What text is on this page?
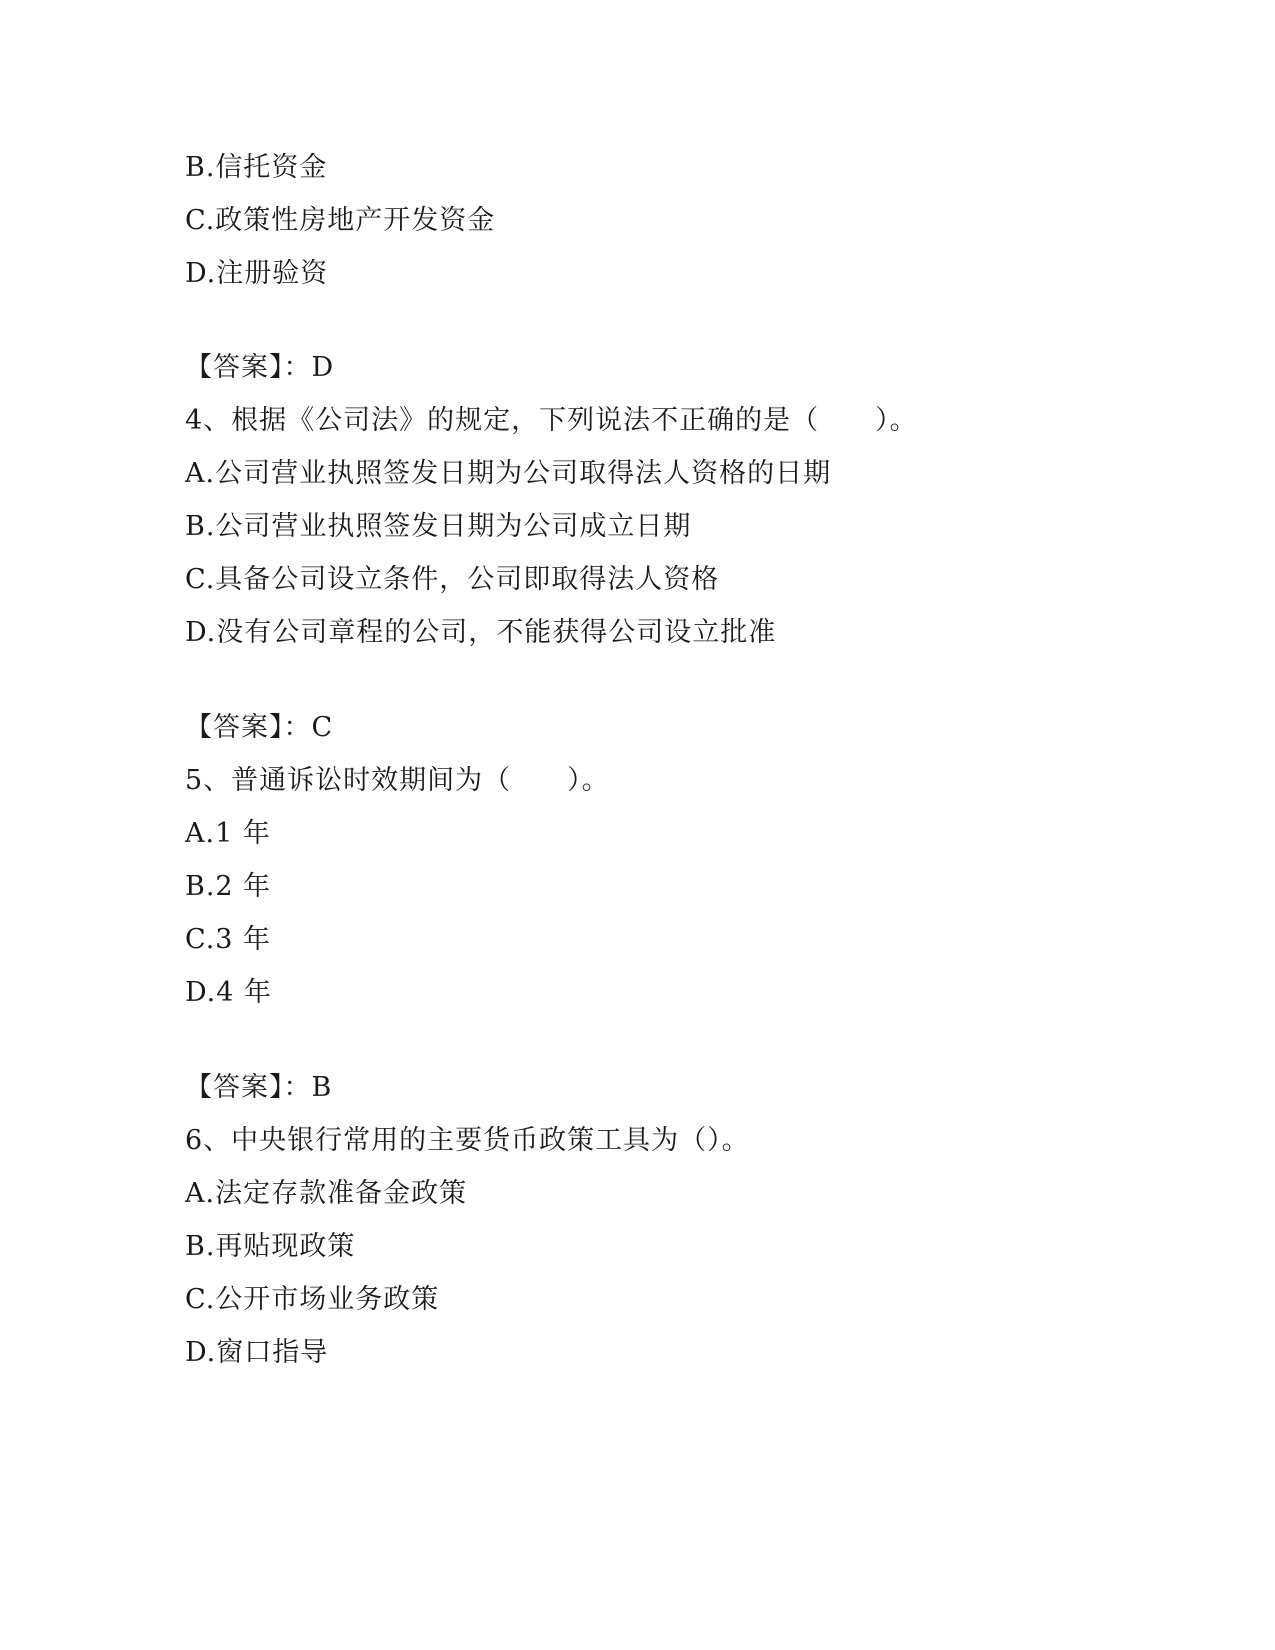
B.信托资金
C.政策性房地产开发资金
D.注册验资
【答案】：D
4、根据《公司法》的规定，下列说法不正确的是（　　）。
A.公司营业执照签发日期为公司取得法人资格的日期
B.公司营业执照签发日期为公司成立日期
C.具备公司设立条件，公司即取得法人资格
D.没有公司章程的公司，不能获得公司设立批准
【答案】：C
5、普通诉讼时效期间为（　　）。
A.1 年
B.2 年
C.3 年
D.4 年
【答案】：B
6、中央银行常用的主要货币政策工具为（）。
A.法定存款准备金政策
B.再贴现政策
C.公开市场业务政策
D.窗口指导
